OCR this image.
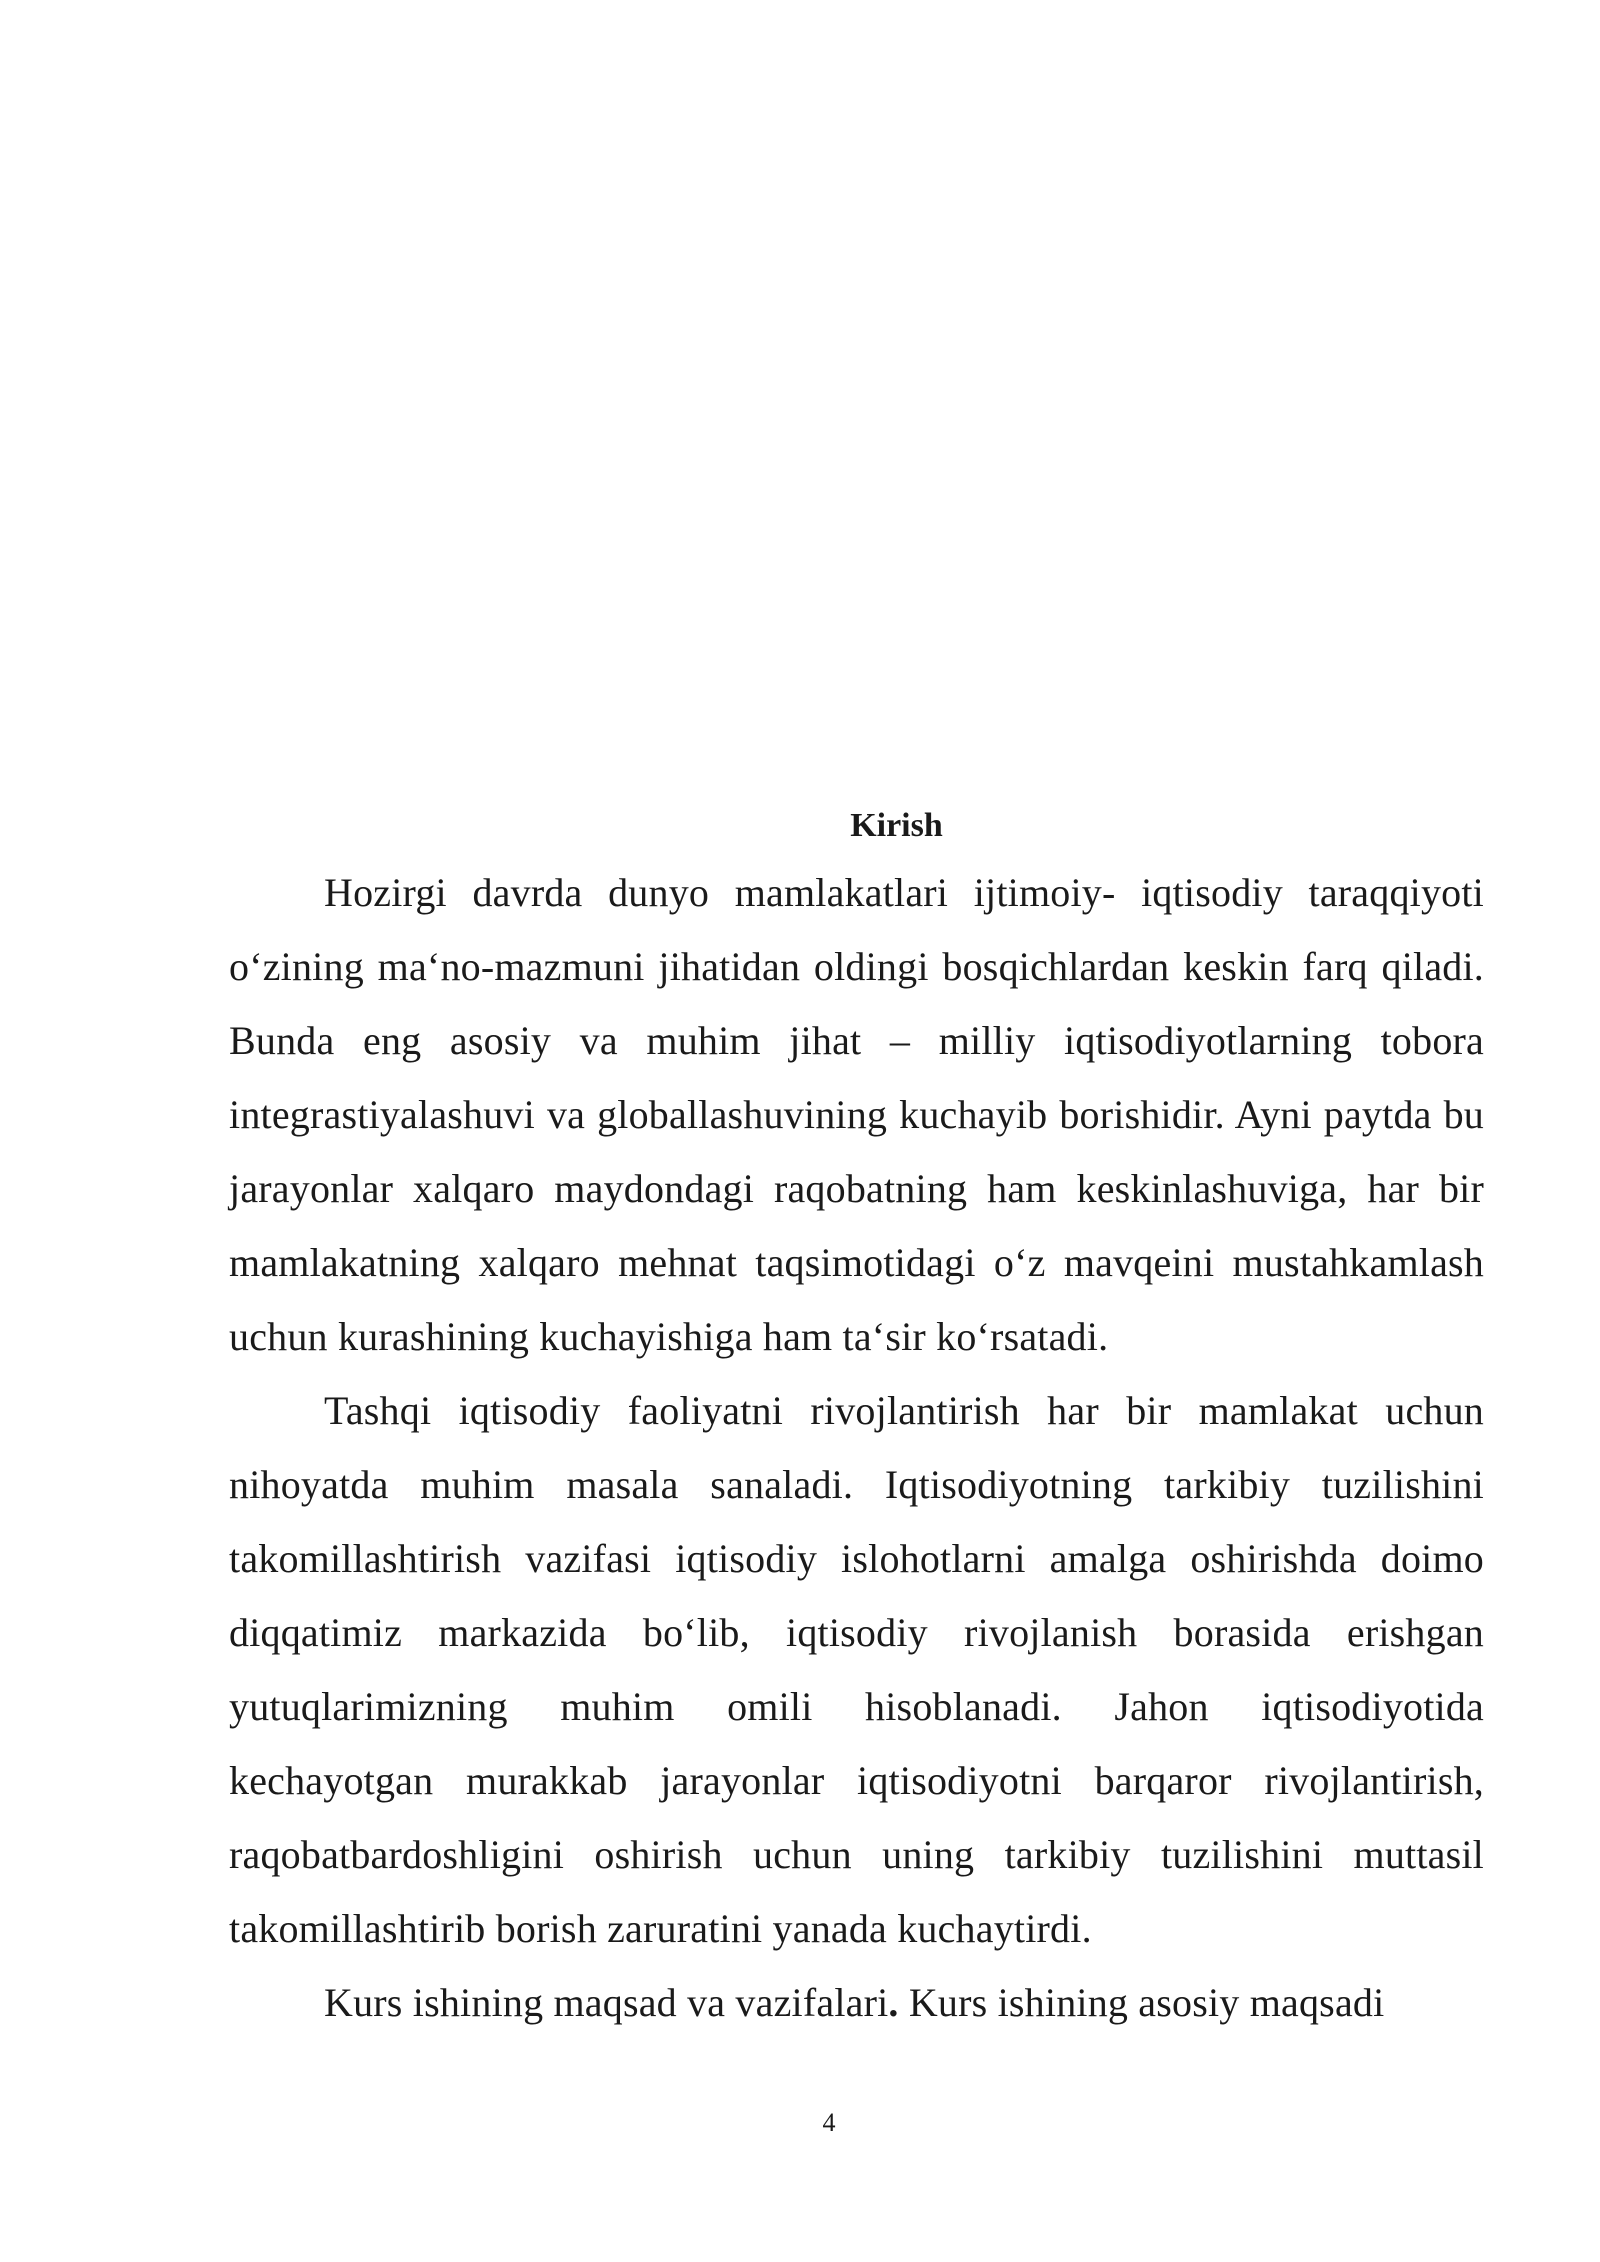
Kirish

Hozirgi davrda dunyo mamlakatlari ijtimoiy- iqtisodiy taraqqiyoti o‘zining ma‘no-mazmuni jihatidan oldingi bosqichlardan keskin farq qiladi. Bunda eng asosiy va muhim jihat – milliy iqtisodiyotlarning tobora integrastiyalashuvi va globallashuvining kuchayib borishidir. Ayni paytda bu jarayonlar xalqaro maydondagi raqobatning ham keskinlashuviga, har bir mamlakatning xalqaro mehnat taqsimotidagi o‘z mavqeini mustahkamlash uchun kurashining kuchayishiga ham ta‘sir ko‘rsatadi.

Tashqi iqtisodiy faoliyatni rivojlantirish har bir mamlakat uchun nihoyatda muhim masala sanaladi. Iqtisodiyotning tarkibiy tuzilishini takomillashtirish vazifasi iqtisodiy islohotlarni amalga oshirishda doimo diqqatimiz markazida bo‘lib, iqtisodiy rivojlanish borasida erishgan yutuqlarimizning muhim omili hisoblanadi. Jahon iqtisodiyotida kechayotgan murakkab jarayonlar iqtisodiyotni barqaror rivojlantirish, raqobatbardoshligini oshirish uchun uning tarkibiy tuzilishini muttasil takomillashtirib borish zaruratini yanada kuchaytirdi.

Kurs ishining maqsad va vazifalari. Kurs ishining asosiy maqsadi

4
